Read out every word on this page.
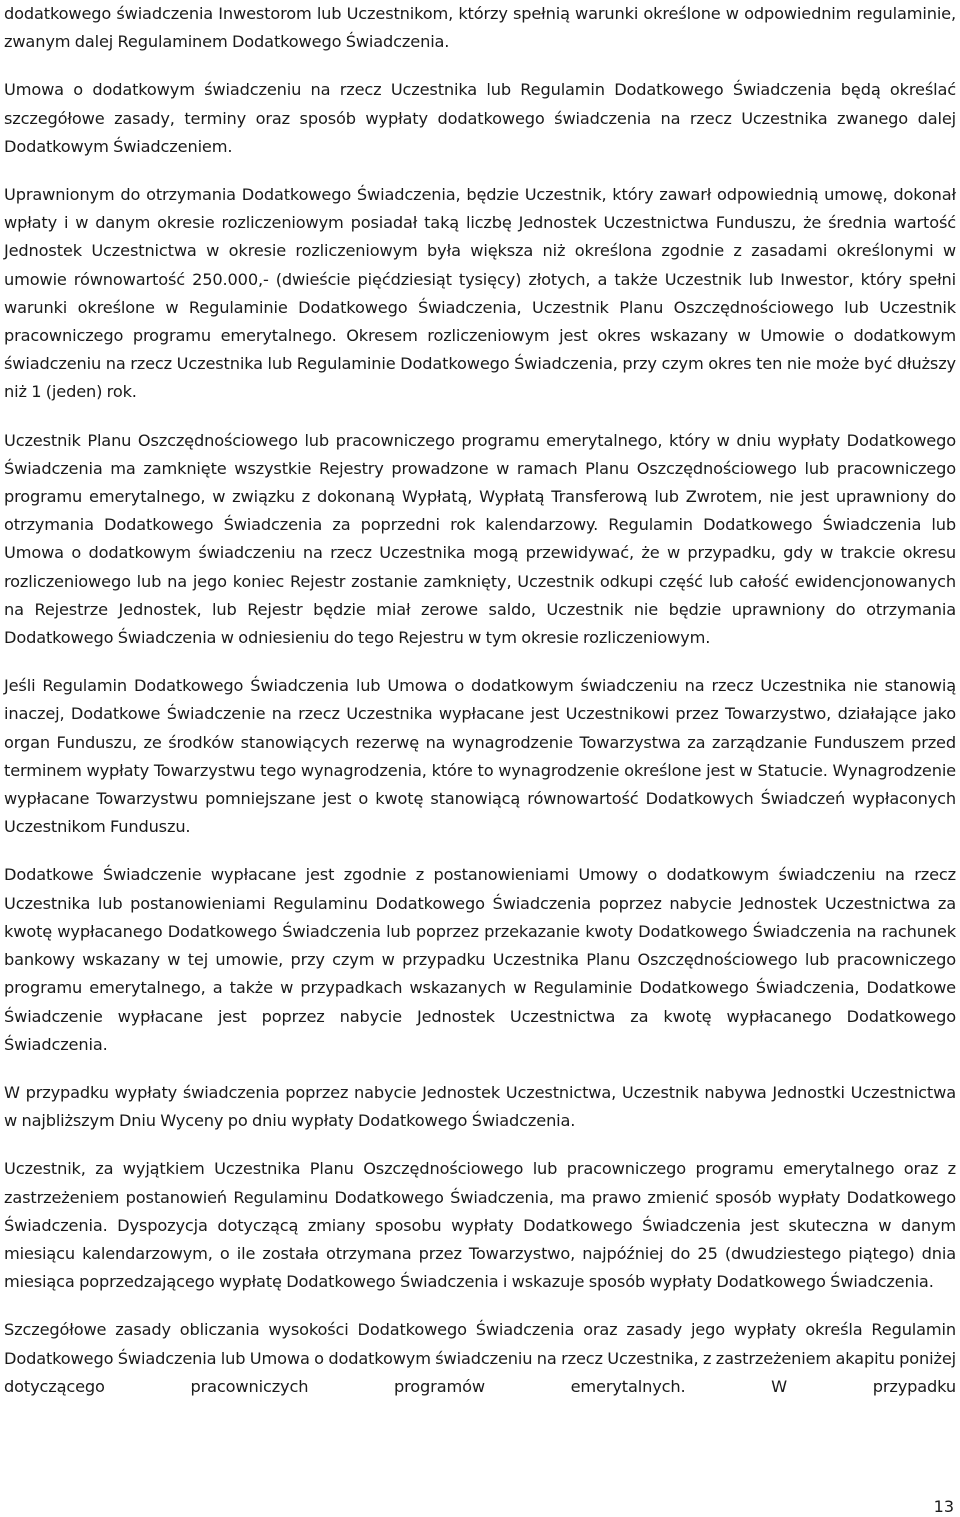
dodatkowego świadczenia Inwestorom lub Uczestnikom, którzy spełnią warunki określone w odpowiednim regulaminie, zwanym dalej Regulaminem Dodatkowego Świadczenia.

Umowa o dodatkowym świadczeniu na rzecz Uczestnika lub Regulamin Dodatkowego Świadczenia będą określać szczegółowe zasady, terminy oraz sposób wypłaty dodatkowego świadczenia na rzecz Uczestnika zwanego dalej Dodatkowym Świadczeniem.

Uprawnionym do otrzymania Dodatkowego Świadczenia, będzie Uczestnik, który zawarł odpowiednią umowę, dokonał wpłaty i w danym okresie rozliczeniowym posiadał taką liczbę Jednostek Uczestnictwa Funduszu, że średnia wartość Jednostek Uczestnictwa w okresie rozliczeniowym była większa niż określona zgodnie z zasadami określonymi w umowie równowartość 250.000,- (dwieście pięćdziesiąt tysięcy) złotych, a także Uczestnik lub Inwestor, który spełni warunki określone w Regulaminie Dodatkowego Świadczenia, Uczestnik Planu Oszczędnościowego lub Uczestnik pracowniczego programu emerytalnego. Okresem rozliczeniowym jest okres wskazany w Umowie o dodatkowym świadczeniu na rzecz Uczestnika lub Regulaminie Dodatkowego Świadczenia, przy czym okres ten nie może być dłuższy niż 1 (jeden) rok.

Uczestnik Planu Oszczędnościowego lub pracowniczego programu emerytalnego, który w dniu wypłaty Dodatkowego Świadczenia ma zamknięte wszystkie Rejestry prowadzone w ramach Planu Oszczędnościowego lub pracowniczego programu emerytalnego, w związku z dokonaną Wypłatą, Wypłatą Transferową lub Zwrotem, nie jest uprawniony do otrzymania Dodatkowego Świadczenia za poprzedni rok kalendarzowy. Regulamin Dodatkowego Świadczenia lub Umowa o dodatkowym świadczeniu na rzecz Uczestnika mogą przewidywać, że w przypadku, gdy w trakcie okresu rozliczeniowego lub na jego koniec Rejestr zostanie zamknięty, Uczestnik odkupi część lub całość ewidencjonowanych na Rejestrze Jednostek, lub Rejestr będzie miał zerowe saldo, Uczestnik nie będzie uprawniony do otrzymania Dodatkowego Świadczenia w odniesieniu do tego Rejestru w tym okresie rozliczeniowym.

Jeśli Regulamin Dodatkowego Świadczenia lub Umowa o dodatkowym świadczeniu na rzecz Uczestnika nie stanowią inaczej, Dodatkowe Świadczenie na rzecz Uczestnika wypłacane jest Uczestnikowi przez Towarzystwo, działające jako organ Funduszu, ze środków stanowiących rezerwę na wynagrodzenie Towarzystwa za zarządzanie Funduszem przed terminem wypłaty Towarzystwu tego wynagrodzenia, które to wynagrodzenie określone jest w Statucie. Wynagrodzenie wypłacane Towarzystwu pomniejszane jest o kwotę stanowiącą równowartość Dodatkowych Świadczeń wypłaconych Uczestnikom Funduszu.

Dodatkowe Świadczenie wypłacane jest zgodnie z postanowieniami Umowy o dodatkowym świadczeniu na rzecz Uczestnika lub postanowieniami Regulaminu Dodatkowego Świadczenia poprzez nabycie Jednostek Uczestnictwa za kwotę wypłacanego Dodatkowego Świadczenia lub poprzez przekazanie kwoty Dodatkowego Świadczenia na rachunek bankowy wskazany w tej umowie, przy czym w przypadku Uczestnika Planu Oszczędnościowego lub pracowniczego programu emerytalnego, a także w przypadkach wskazanych w Regulaminie Dodatkowego Świadczenia, Dodatkowe Świadczenie wypłacane jest poprzez nabycie Jednostek Uczestnictwa za kwotę wypłacanego Dodatkowego Świadczenia.

W przypadku wypłaty świadczenia poprzez nabycie Jednostek Uczestnictwa, Uczestnik nabywa Jednostki Uczestnictwa w najbliższym Dniu Wyceny po dniu wypłaty Dodatkowego Świadczenia.

Uczestnik, za wyjątkiem Uczestnika Planu Oszczędnościowego lub pracowniczego programu emerytalnego oraz z zastrzeżeniem postanowień Regulaminu Dodatkowego Świadczenia, ma prawo zmienić sposób wypłaty Dodatkowego Świadczenia. Dyspozycja dotyczącą zmiany sposobu wypłaty Dodatkowego Świadczenia jest skuteczna w danym miesiącu kalendarzowym, o ile została otrzymana przez Towarzystwo, najpóźniej do 25 (dwudziestego piątego) dnia miesiąca poprzedzającego wypłatę Dodatkowego Świadczenia i wskazuje sposób wypłaty Dodatkowego Świadczenia.

Szczegółowe zasady obliczania wysokości Dodatkowego Świadczenia oraz zasady jego wypłaty określa Regulamin Dodatkowego Świadczenia lub Umowa o dodatkowym świadczeniu na rzecz Uczestnika, z zastrzeżeniem akapitu poniżej dotyczącego pracowniczych programów emerytalnych. W przypadku

13
